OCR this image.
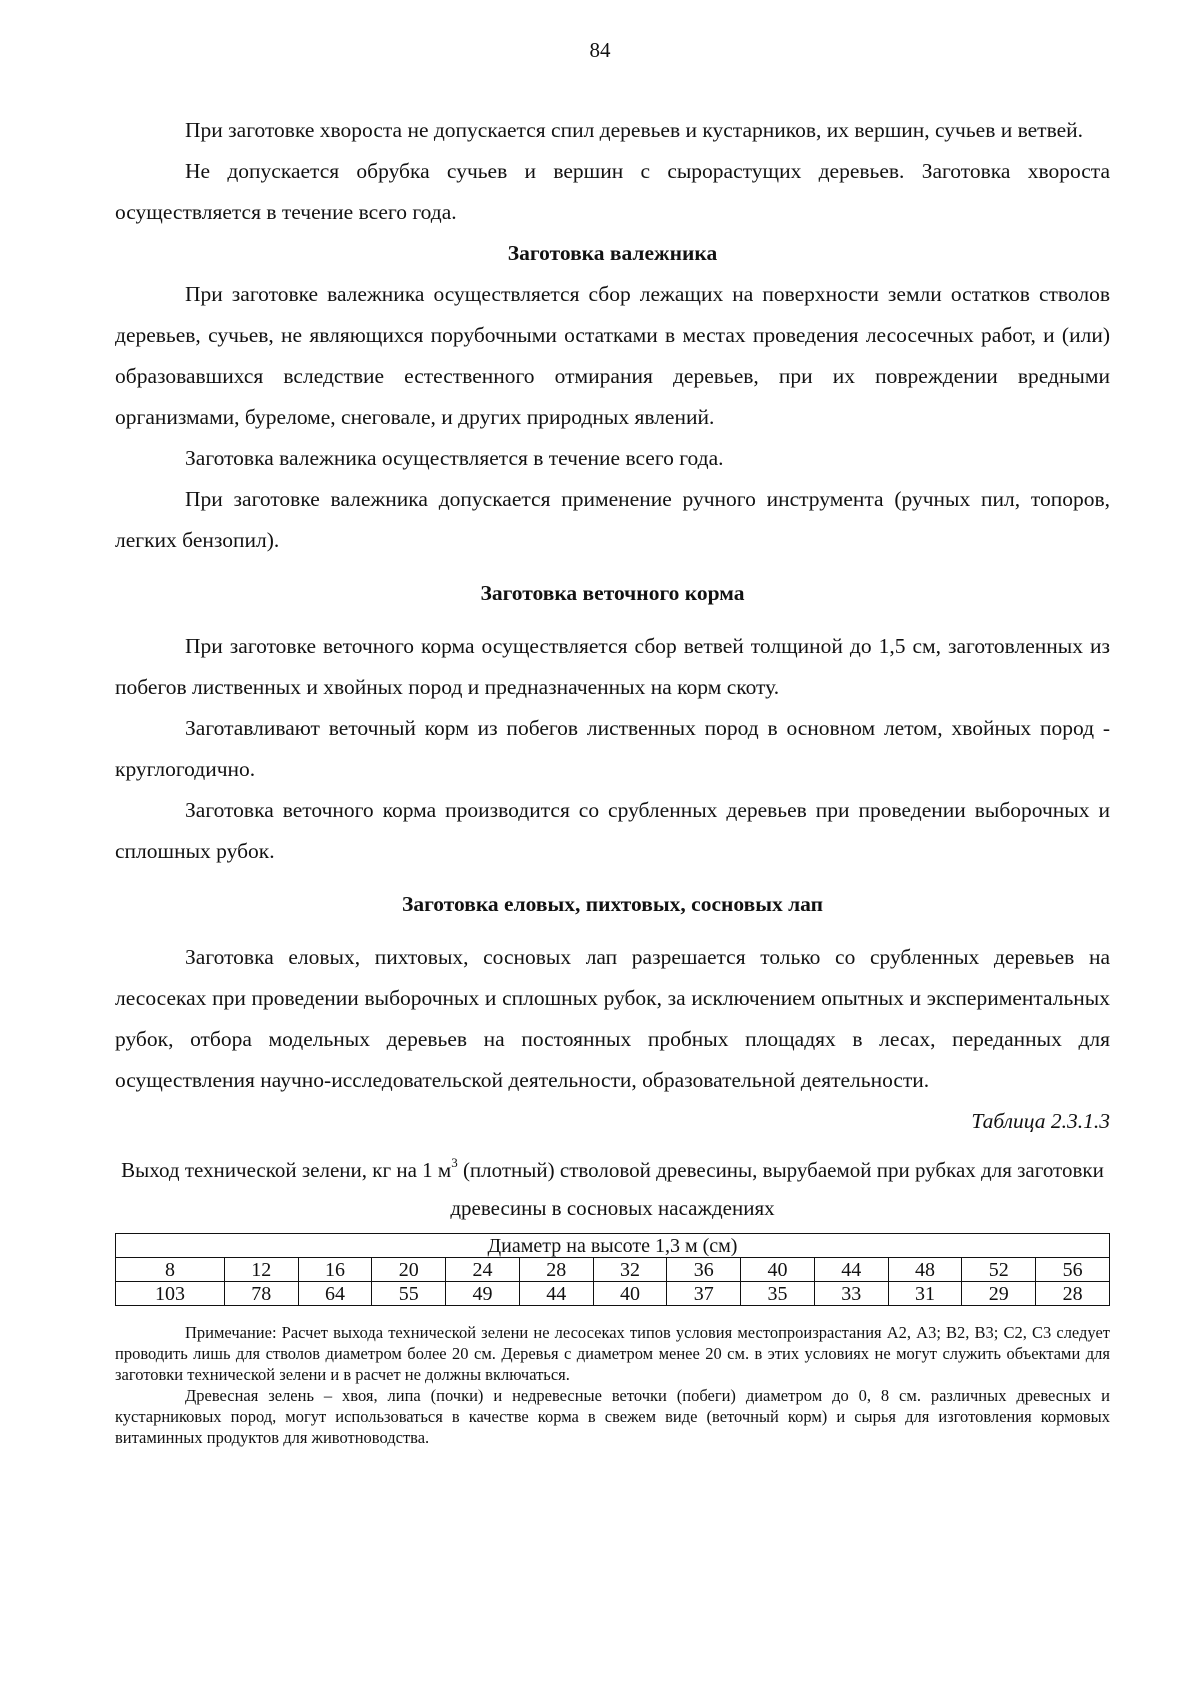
84

При заготовке хвороста не допускается спил деревьев и кустарников, их вершин, сучьев и ветвей.

Не допускается обрубка сучьев и вершин с сырорастущих деревьев. Заготовка хвороста осуществляется в течение всего года.

Заготовка валежника

При заготовке валежника осуществляется сбор лежащих на поверхности земли остатков стволов деревьев, сучьев, не являющихся порубочными остатками в местах проведения лесосечных работ, и (или) образовавшихся вследствие естественного отмирания деревьев, при их повреждении вредными организмами, буреломе, снеговале, и других природных явлений.

Заготовка валежника осуществляется в течение всего года.

При заготовке валежника допускается применение ручного инструмента (ручных пил, топоров, легких бензопил).

Заготовка веточного корма

При заготовке веточного корма осуществляется сбор ветвей толщиной до 1,5 см, заготовленных из побегов лиственных и хвойных пород и предназначенных на корм скоту.

Заготавливают веточный корм из побегов лиственных пород в основном летом, хвойных пород - круглогодично.

Заготовка веточного корма производится со срубленных деревьев при проведении выборочных и сплошных рубок.

Заготовка еловых, пихтовых, сосновых лап

Заготовка еловых, пихтовых, сосновых лап разрешается только со срубленных деревьев на лесосеках при проведении выборочных и сплошных рубок, за исключением опытных и экспериментальных рубок, отбора модельных деревьев на постоянных пробных площадях в лесах, переданных для осуществления научно-исследовательской деятельности, образовательной деятельности.

Таблица 2.3.1.3

Выход технической зелени, кг на 1 $м^3$ (плотный) стволовой древесины, вырубаемой при рубках для заготовки древесины в сосновых насаждениях

Диаметр на высоте 1,3 м (см)												
8	12	16	20	24	28	32	36	40	44	48	52	56
103	78	64	55	49	44	40	37	35	33	31	29	28

Примечание: Расчет выхода технической зелени не лесосеках типов условия местопроизрастания А2, А3; В2, В3; С2, С3 следует проводить лишь для стволов диаметром более 20 см. Деревья с диаметром менее 20 см. в этих условиях не могут служить объектами для заготовки технической зелени и в расчет не должны включаться.

Древесная зелень – хвоя, липа (почки) и недревесные веточки (побеги) диаметром до 0, 8 см. различных древесных и кустарниковых пород, могут использоваться в качестве корма в свежем виде (веточный корм) и сырья для изготовления кормовых витаминных продуктов для животноводства.
